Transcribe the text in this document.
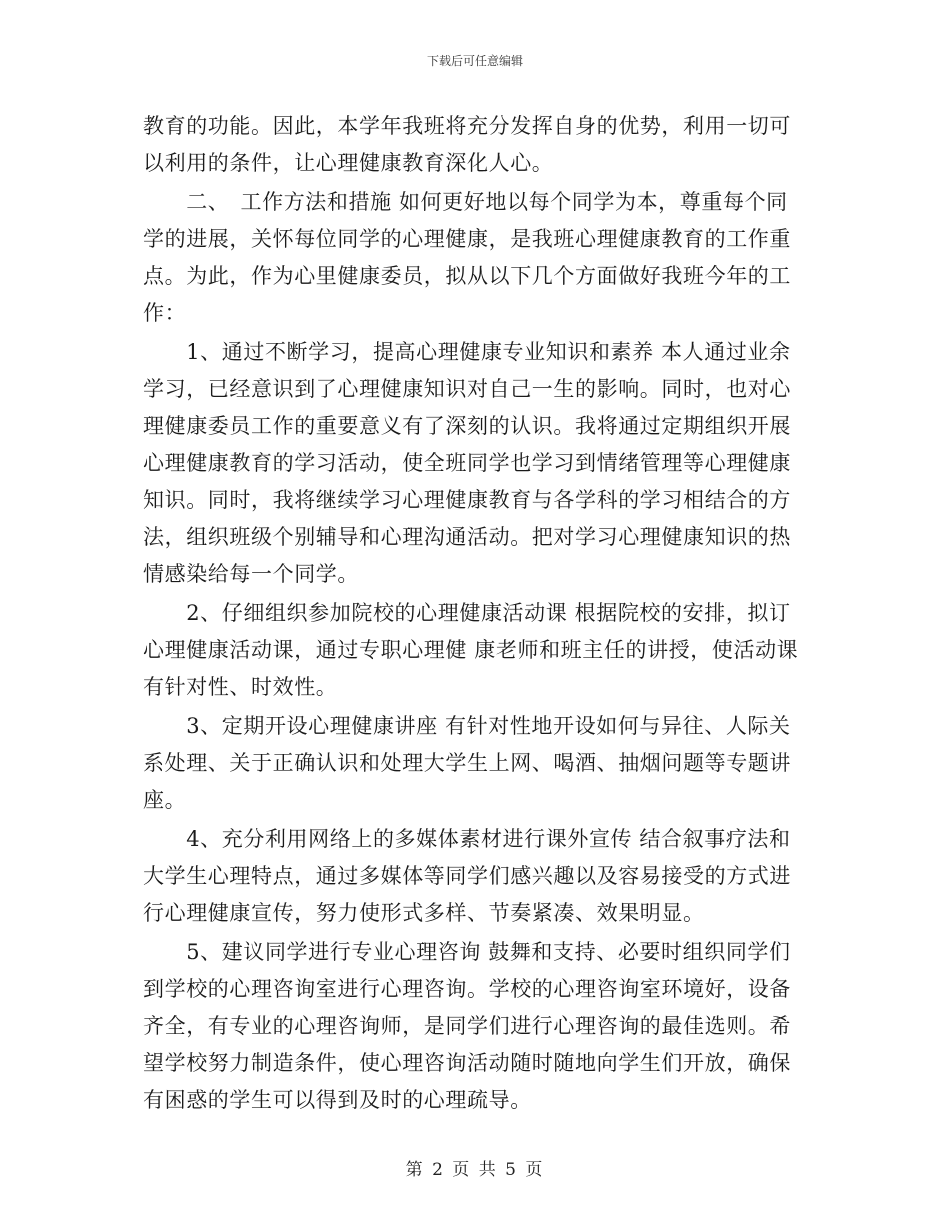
下载后可任意编辑
教育的功能。因此，本学年我班将充分发挥自身的优势，利用一切可
以利用的条件，让心理健康教育深化人心。
　　二、　工作方法和措施 如何更好地以每个同学为本，尊重每个同
学的进展，关怀每位同学的心理健康，是我班心理健康教育的工作重
点。为此，作为心里健康委员，拟从以下几个方面做好我班今年的工
作：
　　1、通过不断学习，提高心理健康专业知识和素养 本人通过业余
学习，已经意识到了心理健康知识对自己一生的影响。同时，也对心
理健康委员工作的重要意义有了深刻的认识。我将通过定期组织开展
心理健康教育的学习活动，使全班同学也学习到情绪管理等心理健康
知识。同时，我将继续学习心理健康教育与各学科的学习相结合的方
法，组织班级个别辅导和心理沟通活动。把对学习心理健康知识的热
情感染给每一个同学。
　　2、仔细组织参加院校的心理健康活动课 根据院校的安排，拟订
心理健康活动课，通过专职心理健 康老师和班主任的讲授，使活动课
有针对性、时效性。
　　3、定期开设心理健康讲座 有针对性地开设如何与异往、人际关
系处理、关于正确认识和处理大学生上网、喝酒、抽烟问题等专题讲
座。
　　4、充分利用网络上的多媒体素材进行课外宣传 结合叙事疗法和
大学生心理特点，通过多媒体等同学们感兴趣以及容易接受的方式进
行心理健康宣传，努力使形式多样、节奏紧凑、效果明显。
　　5、建议同学进行专业心理咨询 鼓舞和支持、必要时组织同学们
到学校的心理咨询室进行心理咨询。学校的心理咨询室环境好，设备
齐全，有专业的心理咨询师，是同学们进行心理咨询的最佳选则。希
望学校努力制造条件，使心理咨询活动随时随地向学生们开放，确保
有困惑的学生可以得到及时的心理疏导。
第 2 页 共 5 页
